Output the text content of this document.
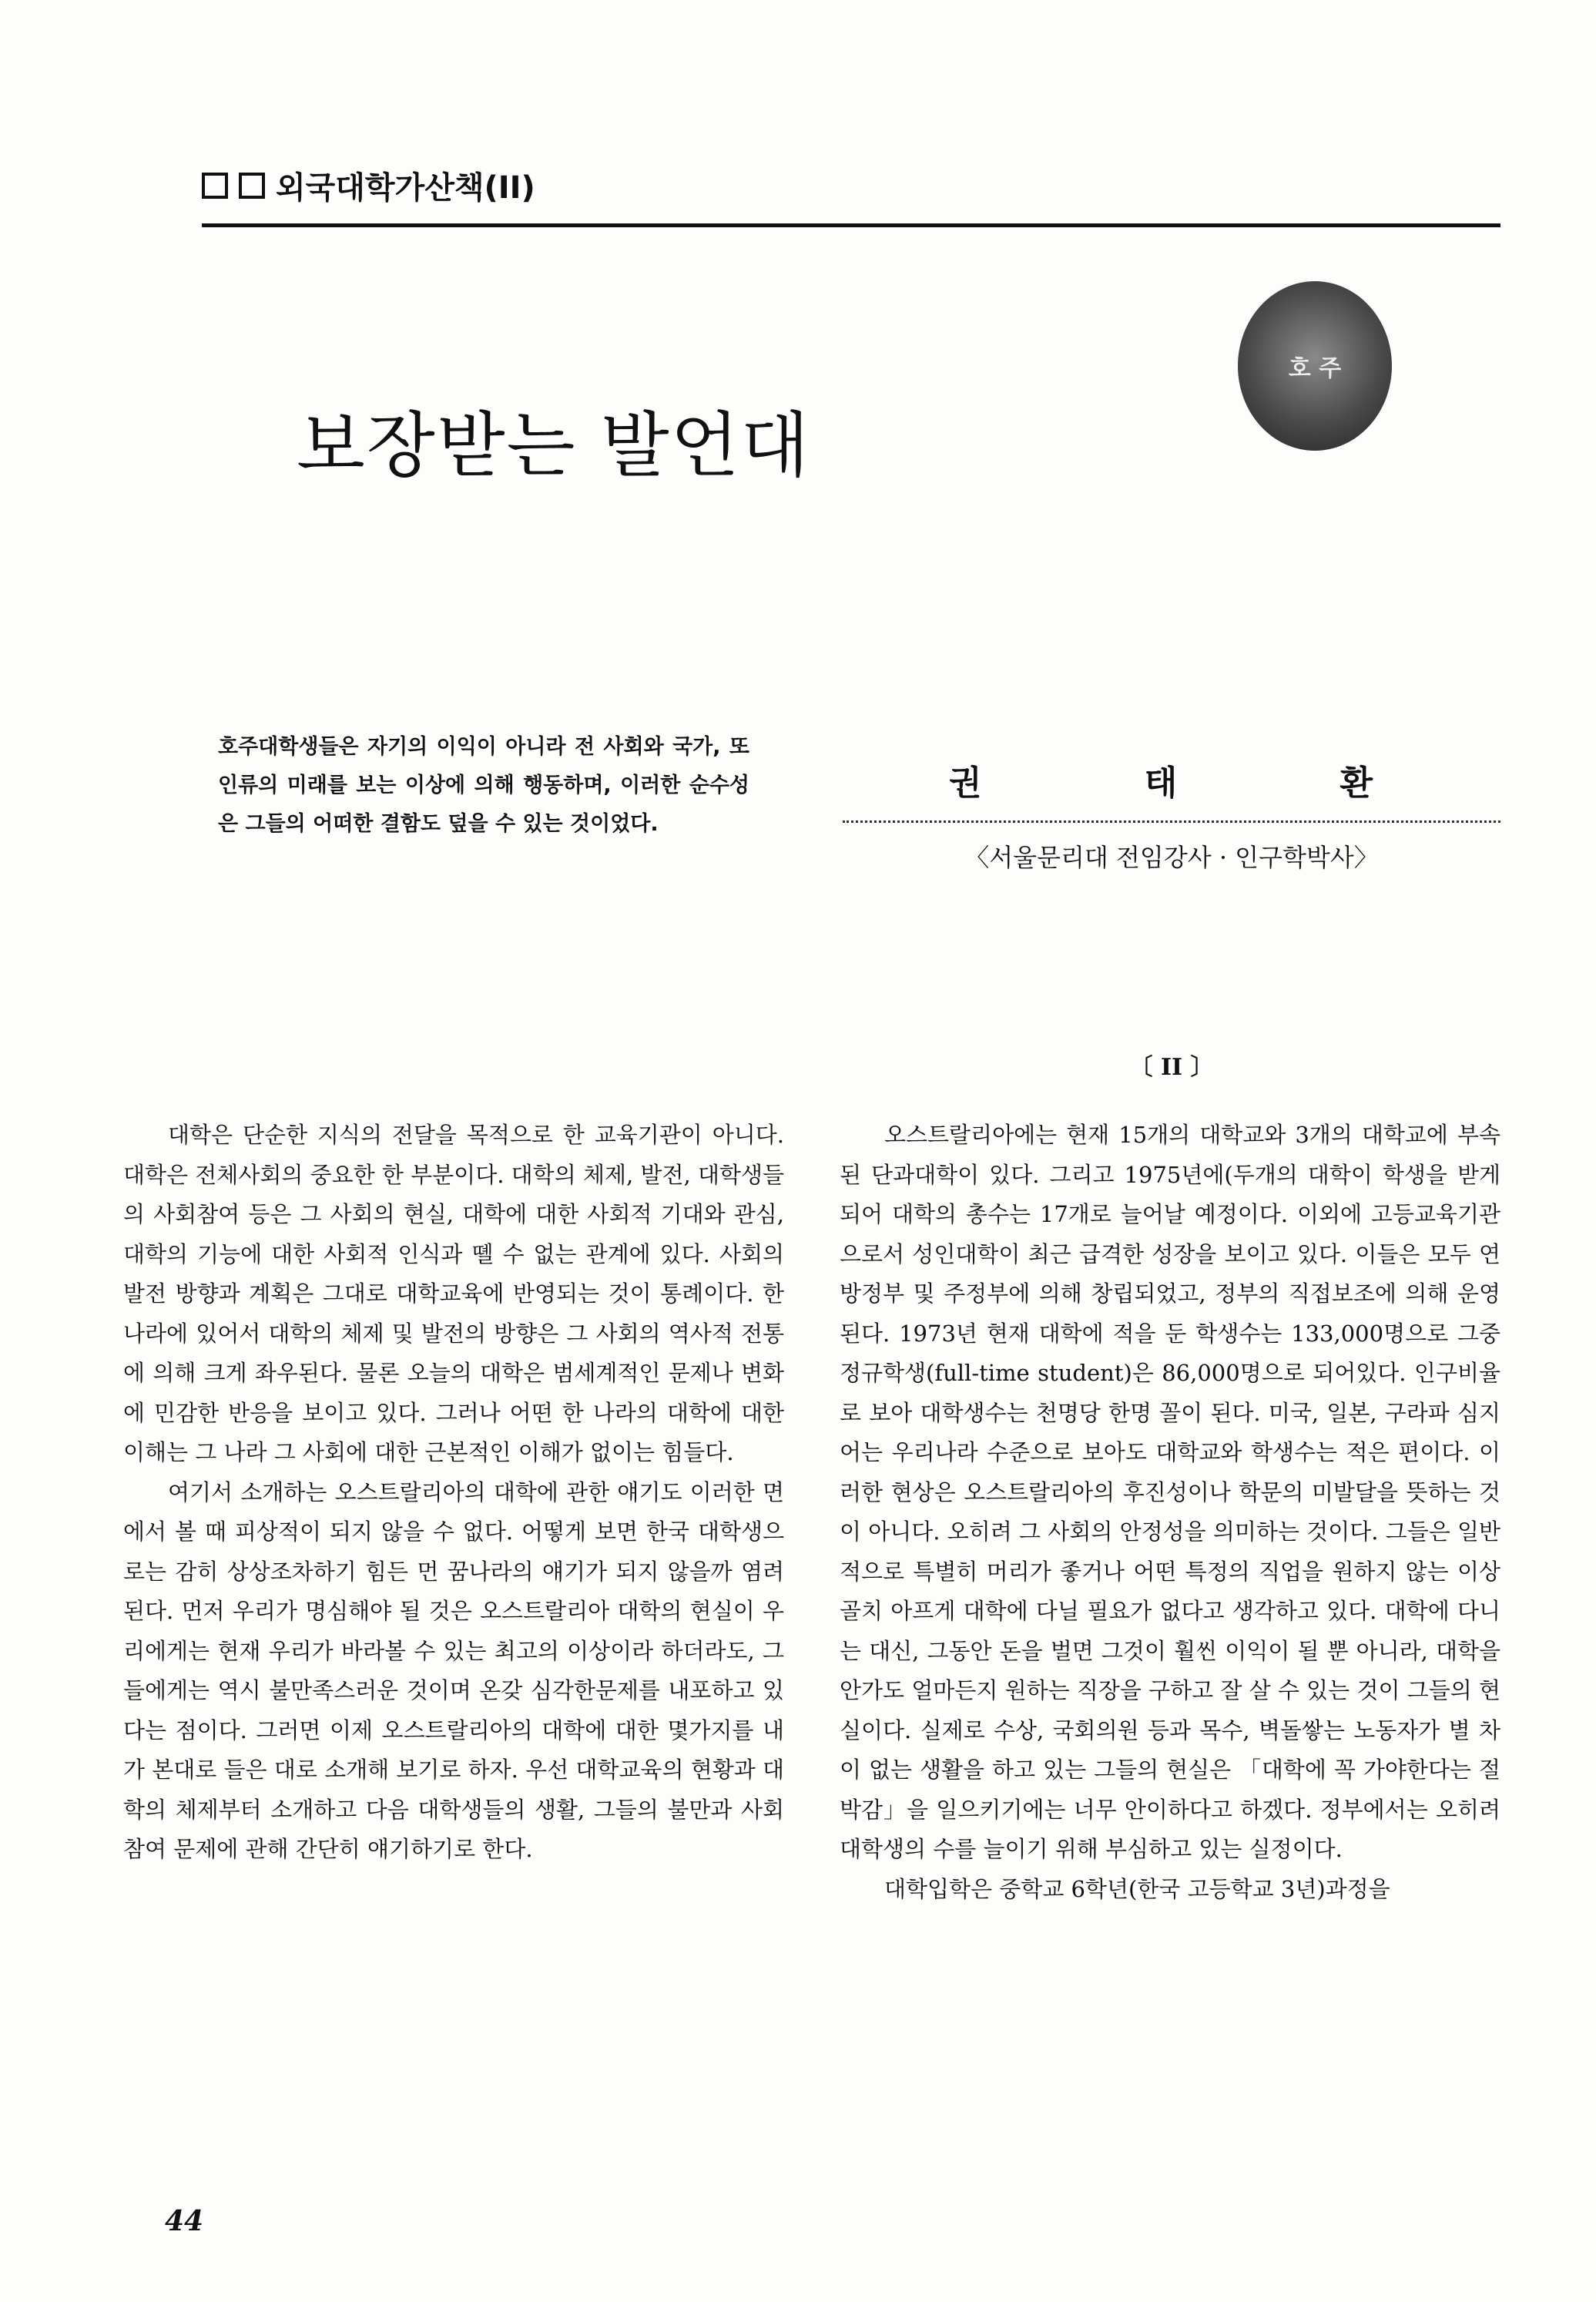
외국대학가산책(II)
호 주
보장받는 발언대
호주대학생들은 자기의 이익이 아니라 전 사회와 국가, 또 인류의 미래를 보는 이상에 의해 행동하며, 이러한 순수성은 그들의 어떠한 결함도 덮을 수 있는 것이었다.
권	태	환
〈서울문리대 전임강사 · 인구학박사〉
〔 II 〕

대학은 단순한 지식의 전달을 목적으로 한 교육기관이 아니다. 대학은 전체사회의 중요한 한 부분이다. 대학의 체제, 발전, 대학생들의 사회참여 등은 그 사회의 현실, 대학에 대한 사회적 기대와 관심, 대학의 기능에 대한 사회적 인식과 뗼 수 없는 관계에 있다. 사회의 발전 방향과 계획은 그대로 대학교육에 반영되는 것이 통례이다. 한 나라에 있어서 대학의 체제 및 발전의 방향은 그 사회의 역사적 전통에 의해 크게 좌우된다. 물론 오늘의 대학은 범세계적인 문제나 변화에 민감한 반응을 보이고 있다. 그러나 어떤 한 나라의 대학에 대한 이해는 그 나라 그 사회에 대한 근본적인 이해가 없이는 힘들다.

여기서 소개하는 오스트랄리아의 대학에 관한 얘기도 이러한 면에서 볼 때 피상적이 되지 않을 수 없다. 어떻게 보면 한국 대학생으로는 감히 상상조차하기 힘든 먼 꿈나라의 얘기가 되지 않을까 염려된다. 먼저 우리가 명심해야 될 것은 오스트랄리아 대학의 현실이 우리에게는 현재 우리가 바라볼 수 있는 최고의 이상이라 하더라도, 그들에게는 역시 불만족스러운 것이며 온갖 심각한문제를 내포하고 있다는 점이다. 그러면 이제 오스트랄리아의 대학에 대한 몇가지를 내가 본대로 들은 대로 소개해 보기로 하자. 우선 대학교육의 현황과 대학의 체제부터 소개하고 다음 대학생들의 생활, 그들의 불만과 사회참여 문제에 관해 간단히 얘기하기로 한다.

오스트랄리아에는 현재 15개의 대학교와 3개의 대학교에 부속된 단과대학이 있다. 그리고 1975년에(두개의 대학이 학생을 받게되어 대학의 총수는 17개로 늘어날 예정이다. 이외에 고등교육기관으로서 성인대학이 최근 급격한 성장을 보이고 있다. 이들은 모두 연방정부 및 주정부에 의해 창립되었고, 정부의 직접보조에 의해 운영된다. 1973년 현재 대학에 적을 둔 학생수는 133,000명으로 그중 정규학생(full-time student)은 86,000명으로 되어있다. 인구비율로 보아 대학생수는 천명당 한명 꼴이 된다. 미국, 일본, 구라파 심지어는 우리나라 수준으로 보아도 대학교와 학생수는 적은 편이다. 이러한 현상은 오스트랄리아의 후진성이나 학문의 미발달을 뜻하는 것이 아니다. 오히려 그 사회의 안정성을 의미하는 것이다. 그들은 일반적으로 특별히 머리가 좋거나 어떤 특정의 직업을 원하지 않는 이상 골치 아프게 대학에 다닐 필요가 없다고 생각하고 있다. 대학에 다니는 대신, 그동안 돈을 벌면 그것이 훨씬 이익이 될 뿐 아니라, 대학을 안가도 얼마든지 원하는 직장을 구하고 잘 살 수 있는 것이 그들의 현실이다. 실제로 수상, 국회의원 등과 목수, 벽돌쌓는 노동자가 별 차이 없는 생활을 하고 있는 그들의 현실은 「대학에 꼭 가야한다는 절박감」을 일으키기에는 너무 안이하다고 하겠다. 정부에서는 오히려 대학생의 수를 늘이기 위해 부심하고 있는 실정이다.

대학입학은 중학교 6학년(한국 고등학교 3년)과정을

44
